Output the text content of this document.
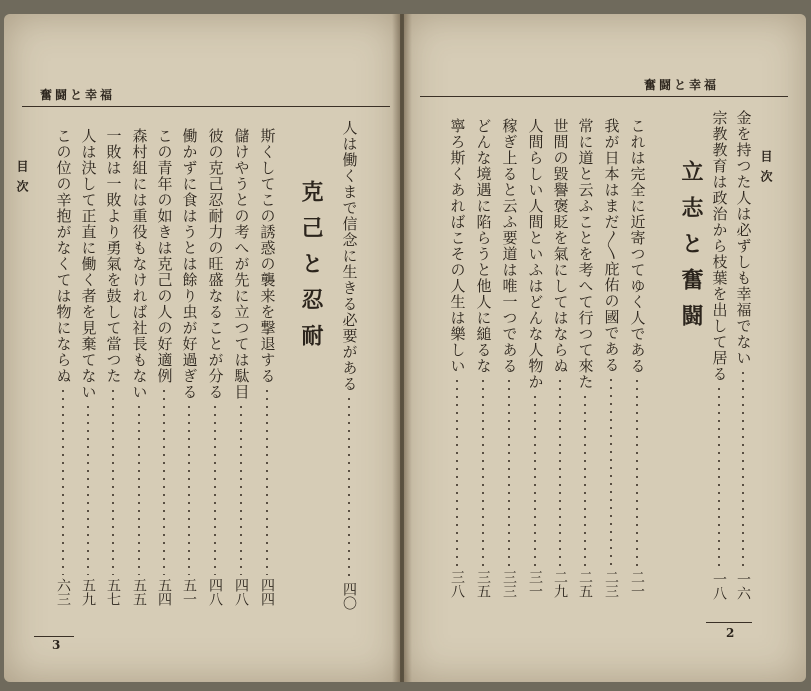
奮闘と幸福
目次
3
人は働くまで信念に生きる必要がある
四〇
克己と忍耐
斯くしてこの誘惑の襲来を撃退する
四四
儲けやうとの考へが先に立つては駄目
四八
彼の克己忍耐力の旺盛なることが分る
四八
働かずに食はうとは餘り虫が好過ぎる
五一
この青年の如きは克己の人の好適例
五四
森村組には重役もなければ社長もない
五五
一敗は一敗より勇氣を鼓して當つた
五七
人は決して正直に働く者を見棄てない
五九
この位の辛抱がなくては物にならぬ
六三
奮闘と幸福
目次
2
金を持つた人は必ずしも幸福でない
一六
宗教教育は政治から枝葉を出して居る
一八
立志と奮闘
これは完全に近寄つてゆく人である
二一
我が日本はまだ〳〵庇佑の國である
二三
常に道と云ふことを考へて行つて來た
二五
世間の毀譽褒貶を氣にしてはならぬ
二九
人間らしい人間といふはどんな人物か
三一
稼ぎ上ると云ふ要道は唯一つである
三三
どんな境遇に陷らうと他人に縋るな
三五
寧ろ斯くあればこその人生は樂しい
三八
